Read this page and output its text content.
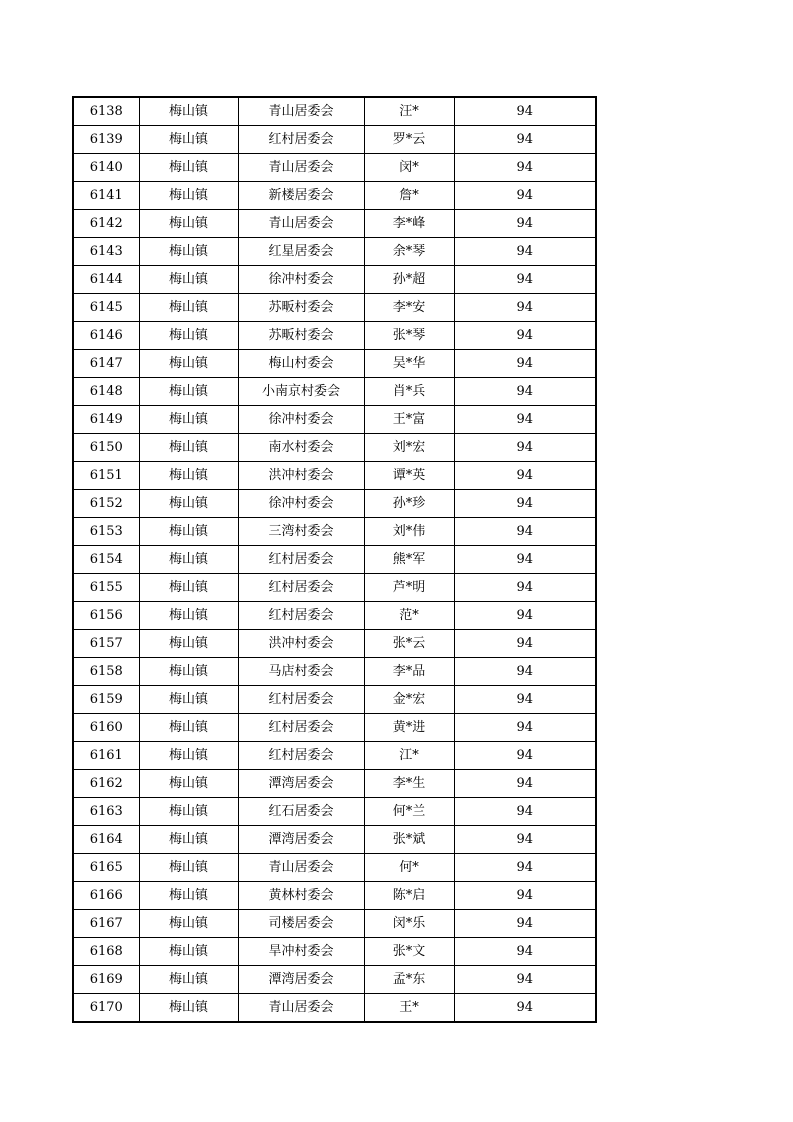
6138	梅山镇	青山居委会	汪*	94
6139	梅山镇	红村居委会	罗*云	94
6140	梅山镇	青山居委会	闵*	94
6141	梅山镇	新楼居委会	詹*	94
6142	梅山镇	青山居委会	李*峰	94
6143	梅山镇	红星居委会	余*琴	94
6144	梅山镇	徐冲村委会	孙*超	94
6145	梅山镇	苏畈村委会	李*安	94
6146	梅山镇	苏畈村委会	张*琴	94
6147	梅山镇	梅山村委会	吴*华	94
6148	梅山镇	小南京村委会	肖*兵	94
6149	梅山镇	徐冲村委会	王*富	94
6150	梅山镇	南水村委会	刘*宏	94
6151	梅山镇	洪冲村委会	谭*英	94
6152	梅山镇	徐冲村委会	孙*珍	94
6153	梅山镇	三湾村委会	刘*伟	94
6154	梅山镇	红村居委会	熊*军	94
6155	梅山镇	红村居委会	芦*明	94
6156	梅山镇	红村居委会	范*	94
6157	梅山镇	洪冲村委会	张*云	94
6158	梅山镇	马店村委会	李*品	94
6159	梅山镇	红村居委会	金*宏	94
6160	梅山镇	红村居委会	黄*进	94
6161	梅山镇	红村居委会	江*	94
6162	梅山镇	潭湾居委会	李*生	94
6163	梅山镇	红石居委会	何*兰	94
6164	梅山镇	潭湾居委会	张*斌	94
6165	梅山镇	青山居委会	何*	94
6166	梅山镇	黄林村委会	陈*启	94
6167	梅山镇	司楼居委会	闵*乐	94
6168	梅山镇	旱冲村委会	张*文	94
6169	梅山镇	潭湾居委会	孟*东	94
6170	梅山镇	青山居委会	王*	94
